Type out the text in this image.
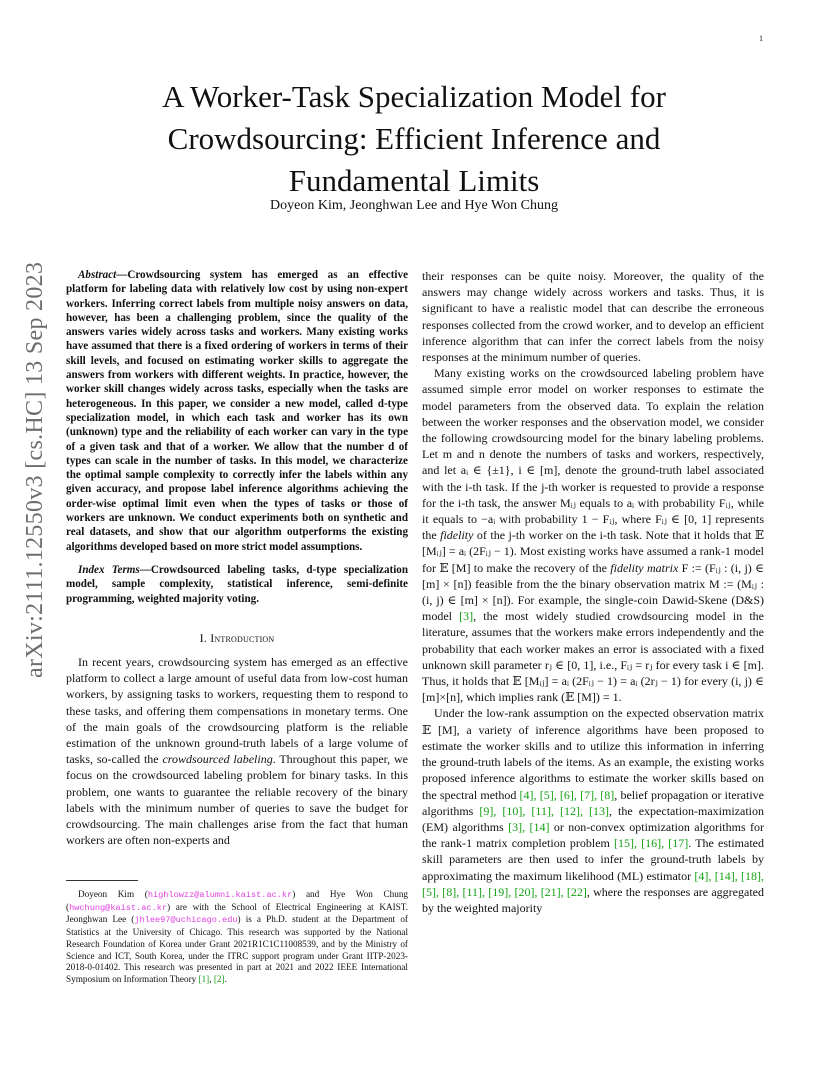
1
arXiv:2111.12550v3 [cs.HC] 13 Sep 2023
A Worker-Task Specialization Model for
Crowdsourcing: Efficient Inference and
Fundamental Limits

Doyeon Kim, Jeonghwan Lee and Hye Won Chung

Abstract—Crowdsourcing system has emerged as an effective platform for labeling data with relatively low cost by using non-expert workers. Inferring correct labels from multiple noisy answers on data, however, has been a challenging problem, since the quality of the answers varies widely across tasks and workers. Many existing works have assumed that there is a fixed ordering of workers in terms of their skill levels, and focused on estimating worker skills to aggregate the answers from workers with different weights. In practice, however, the worker skill changes widely across tasks, especially when the tasks are heterogeneous. In this paper, we consider a new model, called d-type specialization model, in which each task and worker has its own (unknown) type and the reliability of each worker can vary in the type of a given task and that of a worker. We allow that the number d of types can scale in the number of tasks. In this model, we characterize the optimal sample complexity to correctly infer the labels within any given accuracy, and propose label inference algorithms achieving the order-wise optimal limit even when the types of tasks or those of workers are unknown. We conduct experiments both on synthetic and real datasets, and show that our algorithm outperforms the existing algorithms developed based on more strict model assumptions.

Index Terms—Crowdsourced labeling tasks, d-type specialization model, sample complexity, statistical inference, semi-definite programming, weighted majority voting.

I. Introduction

In recent years, crowdsourcing system has emerged as an effective platform to collect a large amount of useful data from low-cost human workers, by assigning tasks to workers, requesting them to respond to these tasks, and offering them compensations in monetary terms. One of the main goals of the crowdsourcing platform is the reliable estimation of the unknown ground-truth labels of a large volume of tasks, so-called the crowdsourced labeling. Throughout this paper, we focus on the crowdsourced labeling problem for binary tasks. In this problem, one wants to guarantee the reliable recovery of the binary labels with the minimum number of queries to save the budget for crowdsourcing. The main challenges arise from the fact that human workers are often non-experts and

Doyeon Kim (highlowzz@alumni.kaist.ac.kr) and Hye Won Chung (hwchung@kaist.ac.kr) are with the School of Electrical Engineering at KAIST. Jeonghwan Lee (jhlee97@uchicago.edu) is a Ph.D. student at the Department of Statistics at the University of Chicago. This research was supported by the National Research Foundation of Korea under Grant 2021R1C1C11008539, and by the Ministry of Science and ICT, South Korea, under the ITRC support program under Grant IITP-2023-2018-0-01402. This research was presented in part at 2021 and 2022 IEEE International Symposium on Information Theory [1], [2].

their responses can be quite noisy. Moreover, the quality of the answers may change widely across workers and tasks. Thus, it is significant to have a realistic model that can describe the erroneous responses collected from the crowd worker, and to develop an efficient inference algorithm that can infer the correct labels from the noisy responses at the minimum number of queries.

Many existing works on the crowdsourced labeling problem have assumed simple error model on worker responses to estimate the model parameters from the observed data. To explain the relation between the worker responses and the observation model, we consider the following crowdsourcing model for the binary labeling problems. Let m and n denote the numbers of tasks and workers, respectively, and let aᵢ ∈ {±1}, i ∈ [m], denote the ground-truth label associated with the i-th task. If the j-th worker is requested to provide a response for the i-th task, the answer Mᵢⱼ equals to aᵢ with probability Fᵢⱼ, while it equals to −aᵢ with probability 1 − Fᵢⱼ, where Fᵢⱼ ∈ [0, 1] represents the fidelity of the j-th worker on the i-th task. Note that it holds that 𝔼 [Mᵢⱼ] = aᵢ (2Fᵢⱼ − 1). Most existing works have assumed a rank-1 model for 𝔼 [M] to make the recovery of the fidelity matrix F := (Fᵢⱼ : (i, j) ∈ [m] × [n]) feasible from the the binary observation matrix M := (Mᵢⱼ : (i, j) ∈ [m] × [n]). For example, the single-coin Dawid-Skene (D&S) model [3], the most widely studied crowdsourcing model in the literature, assumes that the workers make errors independently and the probability that each worker makes an error is associated with a fixed unknown skill parameter rⱼ ∈ [0, 1], i.e., Fᵢⱼ = rⱼ for every task i ∈ [m]. Thus, it holds that 𝔼 [Mᵢⱼ] = aᵢ (2Fᵢⱼ − 1) = aᵢ (2rⱼ − 1) for every (i, j) ∈ [m]×[n], which implies rank (𝔼 [M]) = 1.

Under the low-rank assumption on the expected observation matrix 𝔼 [M], a variety of inference algorithms have been proposed to estimate the worker skills and to utilize this information in inferring the ground-truth labels of the items. As an example, the existing works proposed inference algorithms to estimate the worker skills based on the spectral method [4], [5], [6], [7], [8], belief propagation or iterative algorithms [9], [10], [11], [12], [13], the expectation-maximization (EM) algorithms [3], [14] or non-convex optimization algorithms for the rank-1 matrix completion problem [15], [16], [17]. The estimated skill parameters are then used to infer the ground-truth labels by approximating the maximum likelihood (ML) estimator [4], [14], [18], [5], [8], [11], [19], [20], [21], [22], where the responses are aggregated by the weighted majority
